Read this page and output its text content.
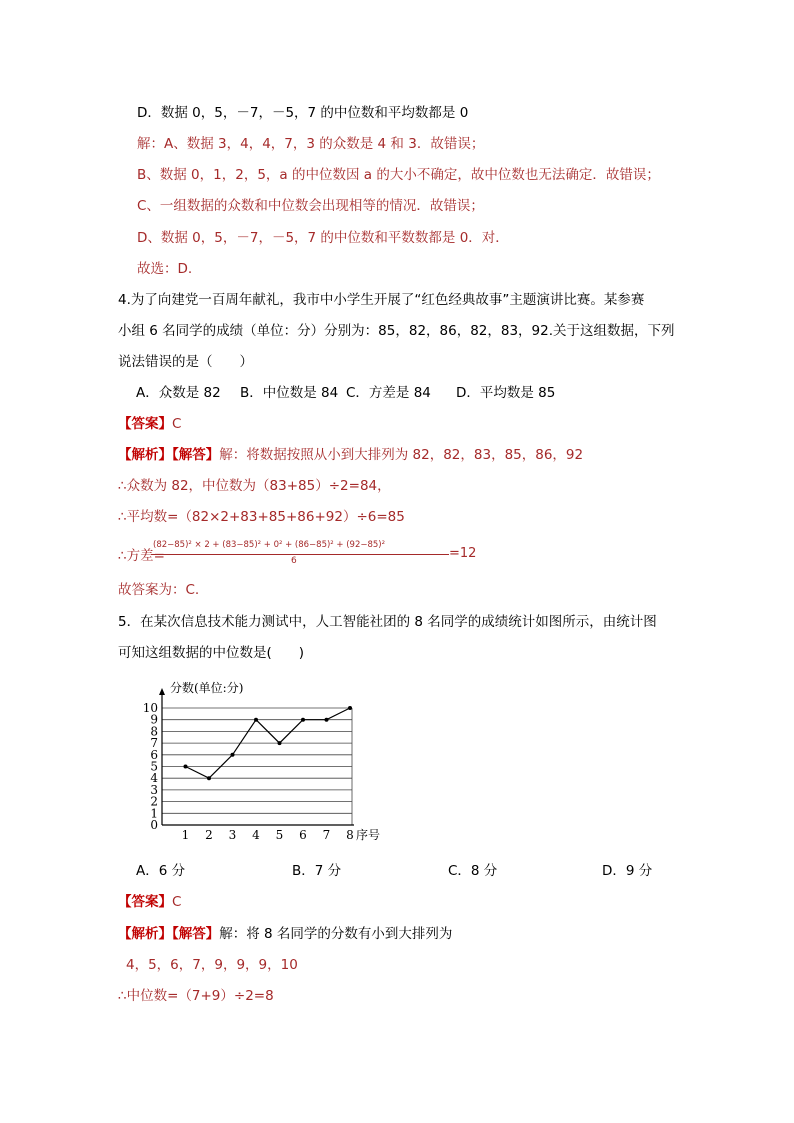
D．数据 0，5，－7，－5，7 的中位数和平均数都是 0
解：A、数据 3，4，4，7，3 的众数是 4 和 3．故错误；
B、数据 0，1，2，5，a 的中位数因 a 的大小不确定，故中位数也无法确定．故错误；
C、一组数据的众数和中位数会出现相等的情况．故错误；
D、数据 0，5，－7，－5，7 的中位数和平数数都是 0．对．
故选：D.
4.为了向建党一百周年献礼，我市中小学生开展了“红色经典故事”主题演讲比赛。某参赛
小组 6 名同学的成绩（单位：分）分别为：85，82，86，82，83，92.关于这组数据，下列
说法错误的是（　　）
A．众数是 82 B．中位数是 84 C．方差是 84 D．平均数是 85
【答案】C
【解析】【解答】解：将数据按照从小到大排列为 82，82，83，85，86，92
∴众数为 82，中位数为（83+85）÷2=84，
∴平均数=（82×2+83+85+86+92）÷6=85
∴方差=
(82−85)² × 2 + (83−85)² + 0² + (86−85)² + (92−85)²
6	=12
故答案为：C.
5．在某次信息技术能力测试中，人工智能社团的 8 名同学的成绩统计如图所示，由统计图
可知这组数据的中位数是(　　)
0
1
2
3
4
5
6
7
8
9
10
1 2 3 4 5 6 7 8
分数(单位:分)
序号
A．6 分	B．7 分	C．8 分	D．9 分
【答案】C
【解析】【解答】解：将 8 名同学的分数有小到大排列为
4，5，6，7，9，9，9，10
∴中位数=（7+9）÷2=8
